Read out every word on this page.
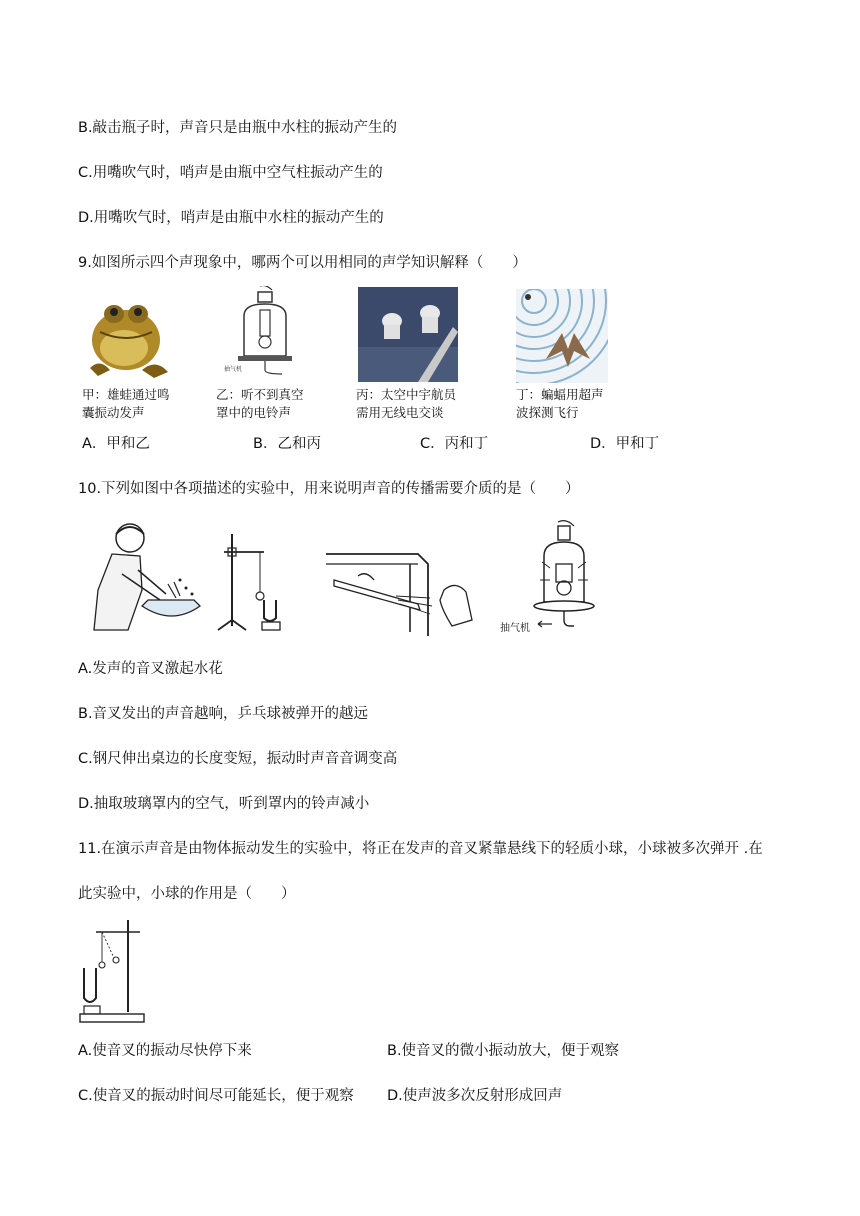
B.敲击瓶子时，声音只是由瓶中水柱的振动产生的
C.用嘴吹气时，哨声是由瓶中空气柱振动产生的
D.用嘴吹气时，哨声是由瓶中水柱的振动产生的
9.如图所示四个声现象中，哪两个可以用相同的声学知识解释（　　）
甲：雄蛙通过鸣
囊振动发声
抽气机
乙：听不到真空
罩中的电铃声
丙：太空中宇航员
需用无线电交谈
丁：蝙蝠用超声
波探测飞行
A．甲和乙	B．乙和丙	C．丙和丁	D．甲和丁
10.下列如图中各项描述的实验中，用来说明声音的传播需要介质的是（　　）
抽气机
A.发声的音叉激起水花
B.音叉发出的声音越响，乒乓球被弹开的越远
C.钢尺伸出桌边的长度变短，振动时声音音调变高
D.抽取玻璃罩内的空气，听到罩内的铃声减小
11.在演示声音是由物体振动发生的实验中，将正在发声的音叉紧靠悬线下的轻质小球，小球被多次弹开 .在
此实验中，小球的作用是（　　）
A.使音叉的振动尽快停下来	B.使音叉的微小振动放大，便于观察
C.使音叉的振动时间尽可能延长，便于观察 D.使声波多次反射形成回声
